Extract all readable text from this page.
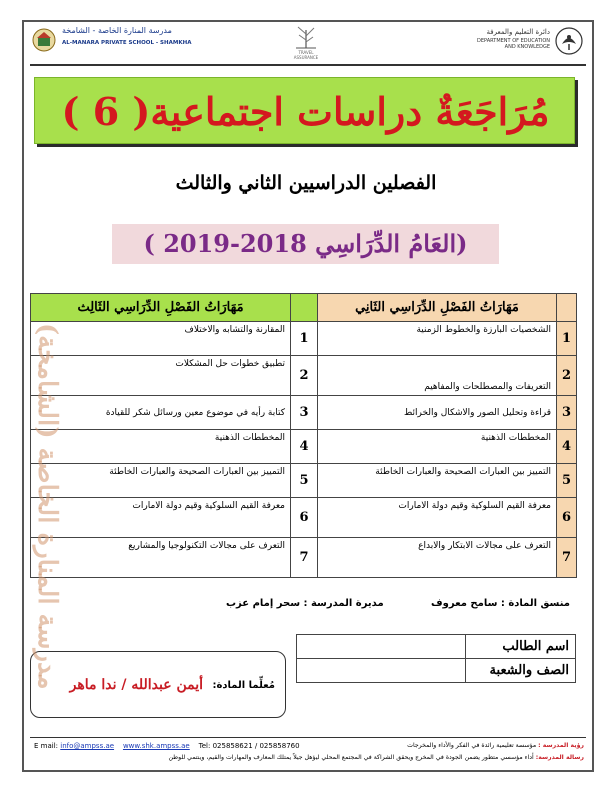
مدرسة المنارة الخاصة - الشامخة
AL-MANARA PRIVATE SCHOOL - SHAMKHA
TRAVEL ASSURANCE
دائرة التعليم والمعرفة
DEPARTMENT OF EDUCATION
AND KNOWLEDGE
مُرَاجَعَةٌ دراسات اجتماعية( 6 )
الفصلين الدراسيين الثاني والثالث
( العَامُ الدِّرَاسِي 2018-2019)
	مَهَارَاتُ الفَصْلِ الدِّرَاسِي الثَانِي		مَهَارَاتُ الفَصْلِ الدِّرَاسِي الثَالِث
1	الشخصيات البارزة والخطوط الزمنية	1	المقارنة والتشابه والاختلاف
2	التعريفات والمصطلحات والمفاهيم	2	تطبيق خطوات حل المشكلات
3	قراءة وتحليل الصور والاشكال والخرائط	3	كتابة رأيه في موضوع معين ورسائل شكر للقيادة
4	المخططات الذهنية	4	المخططات الذهنية
5	التمييز بين العبارات الصحيحة والعبارات الخاطئة	5	التمييز بين العبارات الصحيحة والعبارات الخاطئة
6	معرفة القيم السلوكية وقيم دولة الامارات	6	معرفة القيم السلوكية وقيم دولة الامارات
7	التعرف على مجالات الابتكار والابداع	7	التعرف على مجالات التكنولوجيا والمشاريع
مدرسة المنارة الخاصة (الشامخة)	منسق المادة : سامح معروف
مديرة المدرسة : سحر إمام عزب
اسم الطالب	
الصف والشعبة	
مُعلِّما المادة:
أيمن عبدالله / ندا ماهر
E mail: info@ampss.ae www.shk.ampss.ae Tel: 025858621 / 025858760	رؤية المدرسة : مؤسسة تعليمية رائدة في الفكر والأداء والمخرجات
رسالة المدرسة: أداء مؤسسي متطور يضمن الجودة في المخرج ويحقق الشراكة في المجتمع المحلي ليؤهل جيلاً يمتلك المعارف والمهارات والقيم، وينتمي للوطن
